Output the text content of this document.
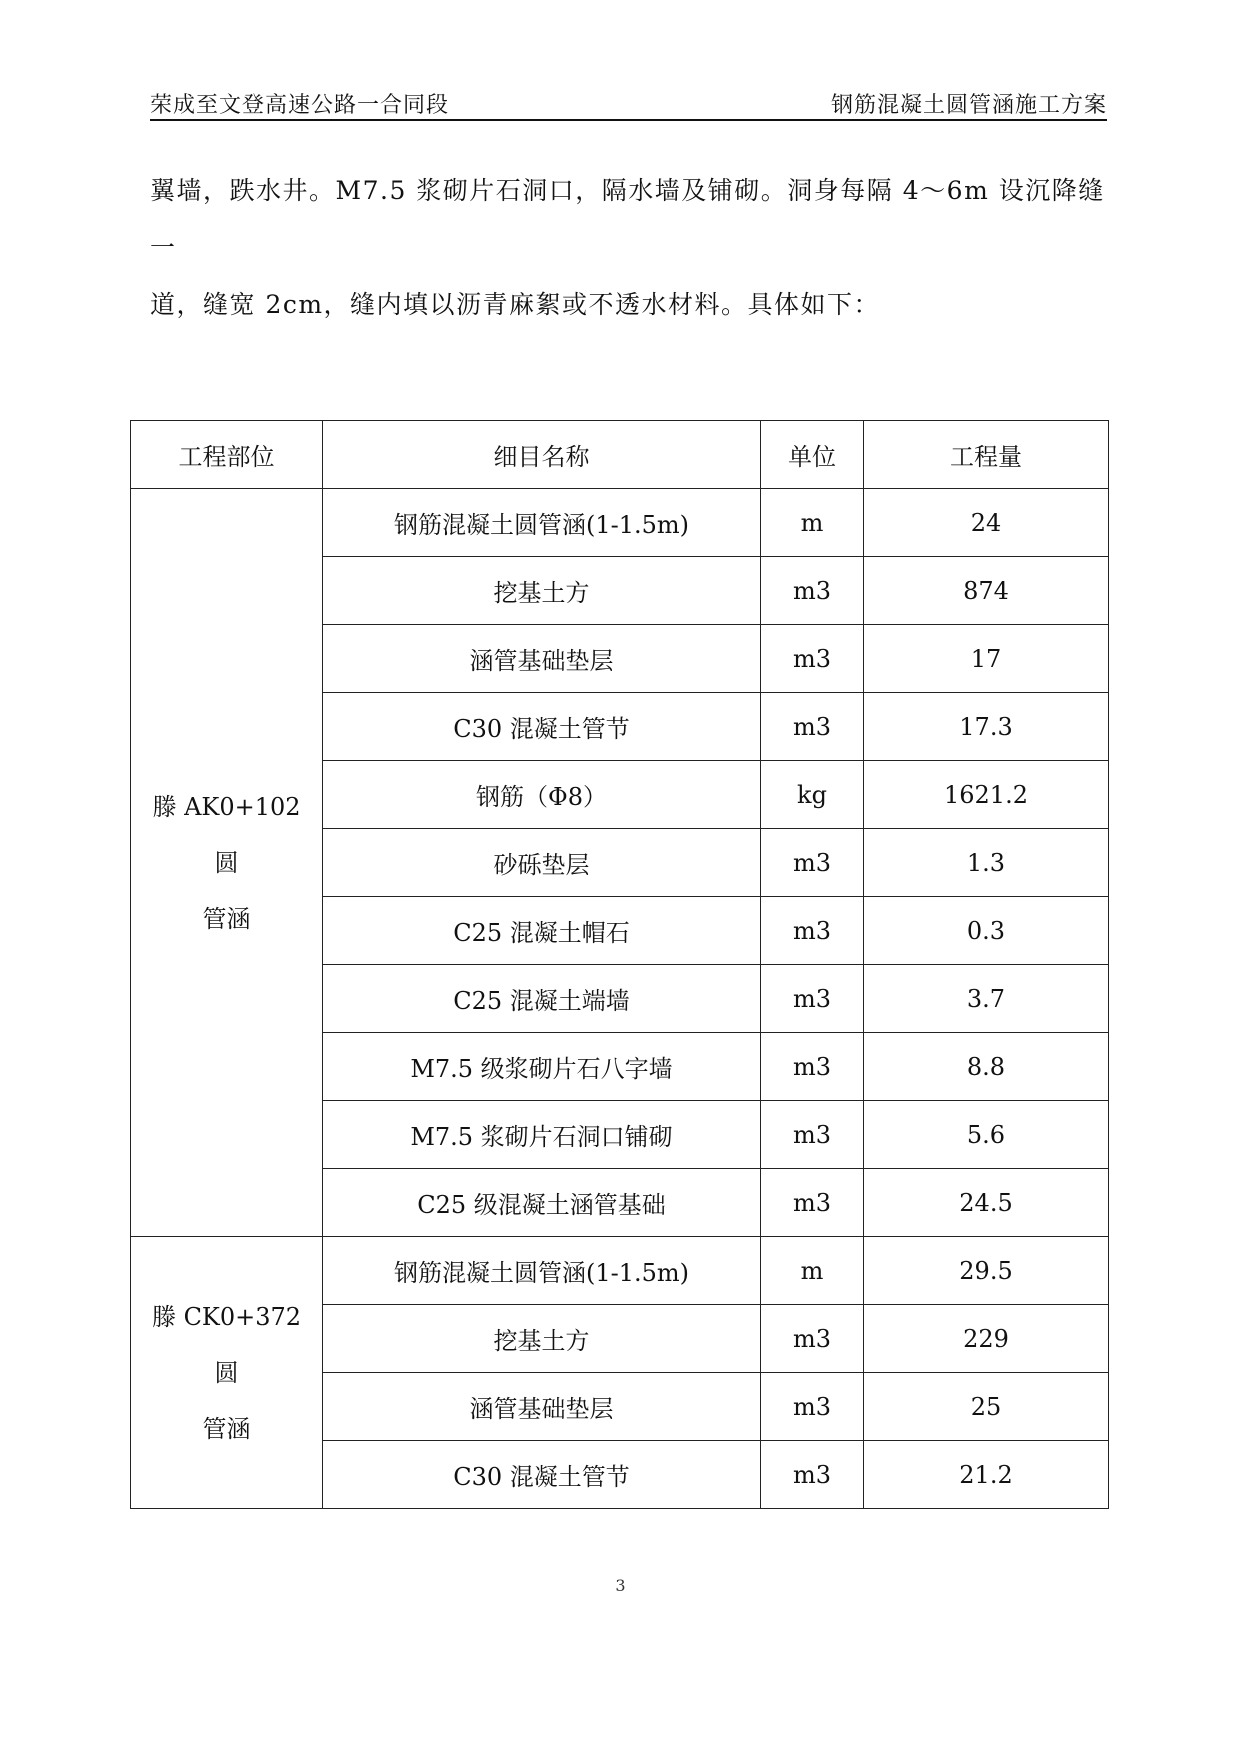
荣成至文登高速公路一合同段	钢筋混凝土圆管涵施工方案

翼墙，跌水井。M7.5 浆砌片石洞口，隔水墙及铺砌。洞身每隔 4～6m 设沉降缝一

道，缝宽 2cm，缝内填以沥青麻絮或不透水材料。具体如下：

工程部位	细目名称	单位	工程量

滕 AK0+102 圆
管涵	钢筋混凝土圆管涵(1-1.5m)	m	24
	挖基土方	m3	874
	涵管基础垫层	m3	17
	C30 混凝土管节	m3	17.3
	钢筋（Φ8）	kg	1621.2
	砂砾垫层	m3	1.3
	C25 混凝土帽石	m3	0.3
	C25 混凝土端墙	m3	3.7
	M7.5 级浆砌片石八字墙	m3	8.8
	M7.5 浆砌片石洞口铺砌	m3	5.6
	C25 级混凝土涵管基础	m3	24.5

滕 CK0+372 圆
管涵	钢筋混凝土圆管涵(1-1.5m)	m	29.5
	挖基土方	m3	229
	涵管基础垫层	m3	25
	C30 混凝土管节	m3	21.2
3
